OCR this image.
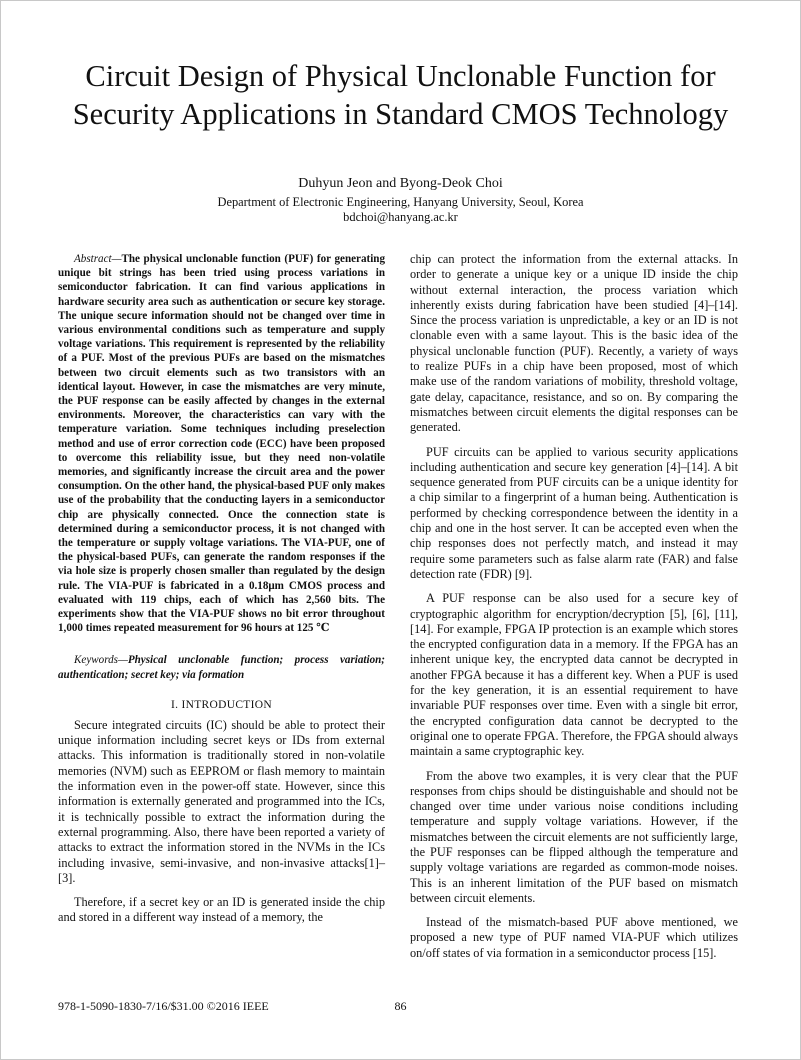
Circuit Design of Physical Unclonable Function for Security Applications in Standard CMOS Technology
Duhyun Jeon and Byong-Deok Choi
Department of Electronic Engineering, Hanyang University, Seoul, Korea
bdchoi@hanyang.ac.kr

Abstract—The physical unclonable function (PUF) for generating unique bit strings has been tried using process variations in semiconductor fabrication. It can find various applications in hardware security area such as authentication or secure key storage. The unique secure information should not be changed over time in various environmental conditions such as temperature and supply voltage variations. This requirement is represented by the reliability of a PUF. Most of the previous PUFs are based on the mismatches between two circuit elements such as two transistors with an identical layout. However, in case the mismatches are very minute, the PUF response can be easily affected by changes in the external environments. Moreover, the characteristics can vary with the temperature variation. Some techniques including preselection method and use of error correction code (ECC) have been proposed to overcome this reliability issue, but they need non-volatile memories, and significantly increase the circuit area and the power consumption. On the other hand, the physical-based PUF only makes use of the probability that the conducting layers in a semiconductor chip are physically connected. Once the connection state is determined during a semiconductor process, it is not changed with the temperature or supply voltage variations. The VIA-PUF, one of the physical-based PUFs, can generate the random responses if the via hole size is properly chosen smaller than regulated by the design rule. The VIA-PUF is fabricated in a 0.18μm CMOS process and evaluated with 119 chips, each of which has 2,560 bits. The experiments show that the VIA-PUF shows no bit error throughout 1,000 times repeated measurement for 96 hours at 125 ℃

Keywords—Physical unclonable function; process variation; authentication; secret key; via formation

I. INTRODUCTION

Secure integrated circuits (IC) should be able to protect their unique information including secret keys or IDs from external attacks. This information is traditionally stored in non-volatile memories (NVM) such as EEPROM or flash memory to maintain the information even in the power-off state. However, since this information is externally generated and programmed into the ICs, it is technically possible to extract the information during the external programming. Also, there have been reported a variety of attacks to extract the information stored in the NVMs in the ICs including invasive, semi-invasive, and non-invasive attacks[1]–[3].

Therefore, if a secret key or an ID is generated inside the chip and stored in a different way instead of a memory, the

chip can protect the information from the external attacks. In order to generate a unique key or a unique ID inside the chip without external interaction, the process variation which inherently exists during fabrication have been studied [4]–[14]. Since the process variation is unpredictable, a key or an ID is not clonable even with a same layout. This is the basic idea of the physical unclonable function (PUF). Recently, a variety of ways to realize PUFs in a chip have been proposed, most of which make use of the random variations of mobility, threshold voltage, gate delay, capacitance, resistance, and so on. By comparing the mismatches between circuit elements the digital responses can be generated.

PUF circuits can be applied to various security applications including authentication and secure key generation [4]–[14]. A bit sequence generated from PUF circuits can be a unique identity for a chip similar to a fingerprint of a human being. Authentication is performed by checking correspondence between the identity in a chip and one in the host server. It can be accepted even when the chip responses does not perfectly match, and instead it may require some parameters such as false alarm rate (FAR) and false detection rate (FDR) [9].

A PUF response can be also used for a secure key of cryptographic algorithm for encryption/decryption [5], [6], [11], [14]. For example, FPGA IP protection is an example which stores the encrypted configuration data in a memory. If the FPGA has an inherent unique key, the encrypted data cannot be decrypted in another FPGA because it has a different key. When a PUF is used for the key generation, it is an essential requirement to have invariable PUF responses over time. Even with a single bit error, the encrypted configuration data cannot be decrypted to the original one to operate FPGA. Therefore, the FPGA should always maintain a same cryptographic key.

From the above two examples, it is very clear that the PUF responses from chips should be distinguishable and should not be changed over time under various noise conditions including temperature and supply voltage variations. However, if the mismatches between the circuit elements are not sufficiently large, the PUF responses can be flipped although the temperature and supply voltage variations are regarded as common-mode noises. This is an inherent limitation of the PUF based on mismatch between circuit elements.

Instead of the mismatch-based PUF above mentioned, we proposed a new type of PUF named VIA-PUF which utilizes on/off states of via formation in a semiconductor process [15].

978-1-5090-1830-7/16/$31.00 ©2016 IEEE	86
